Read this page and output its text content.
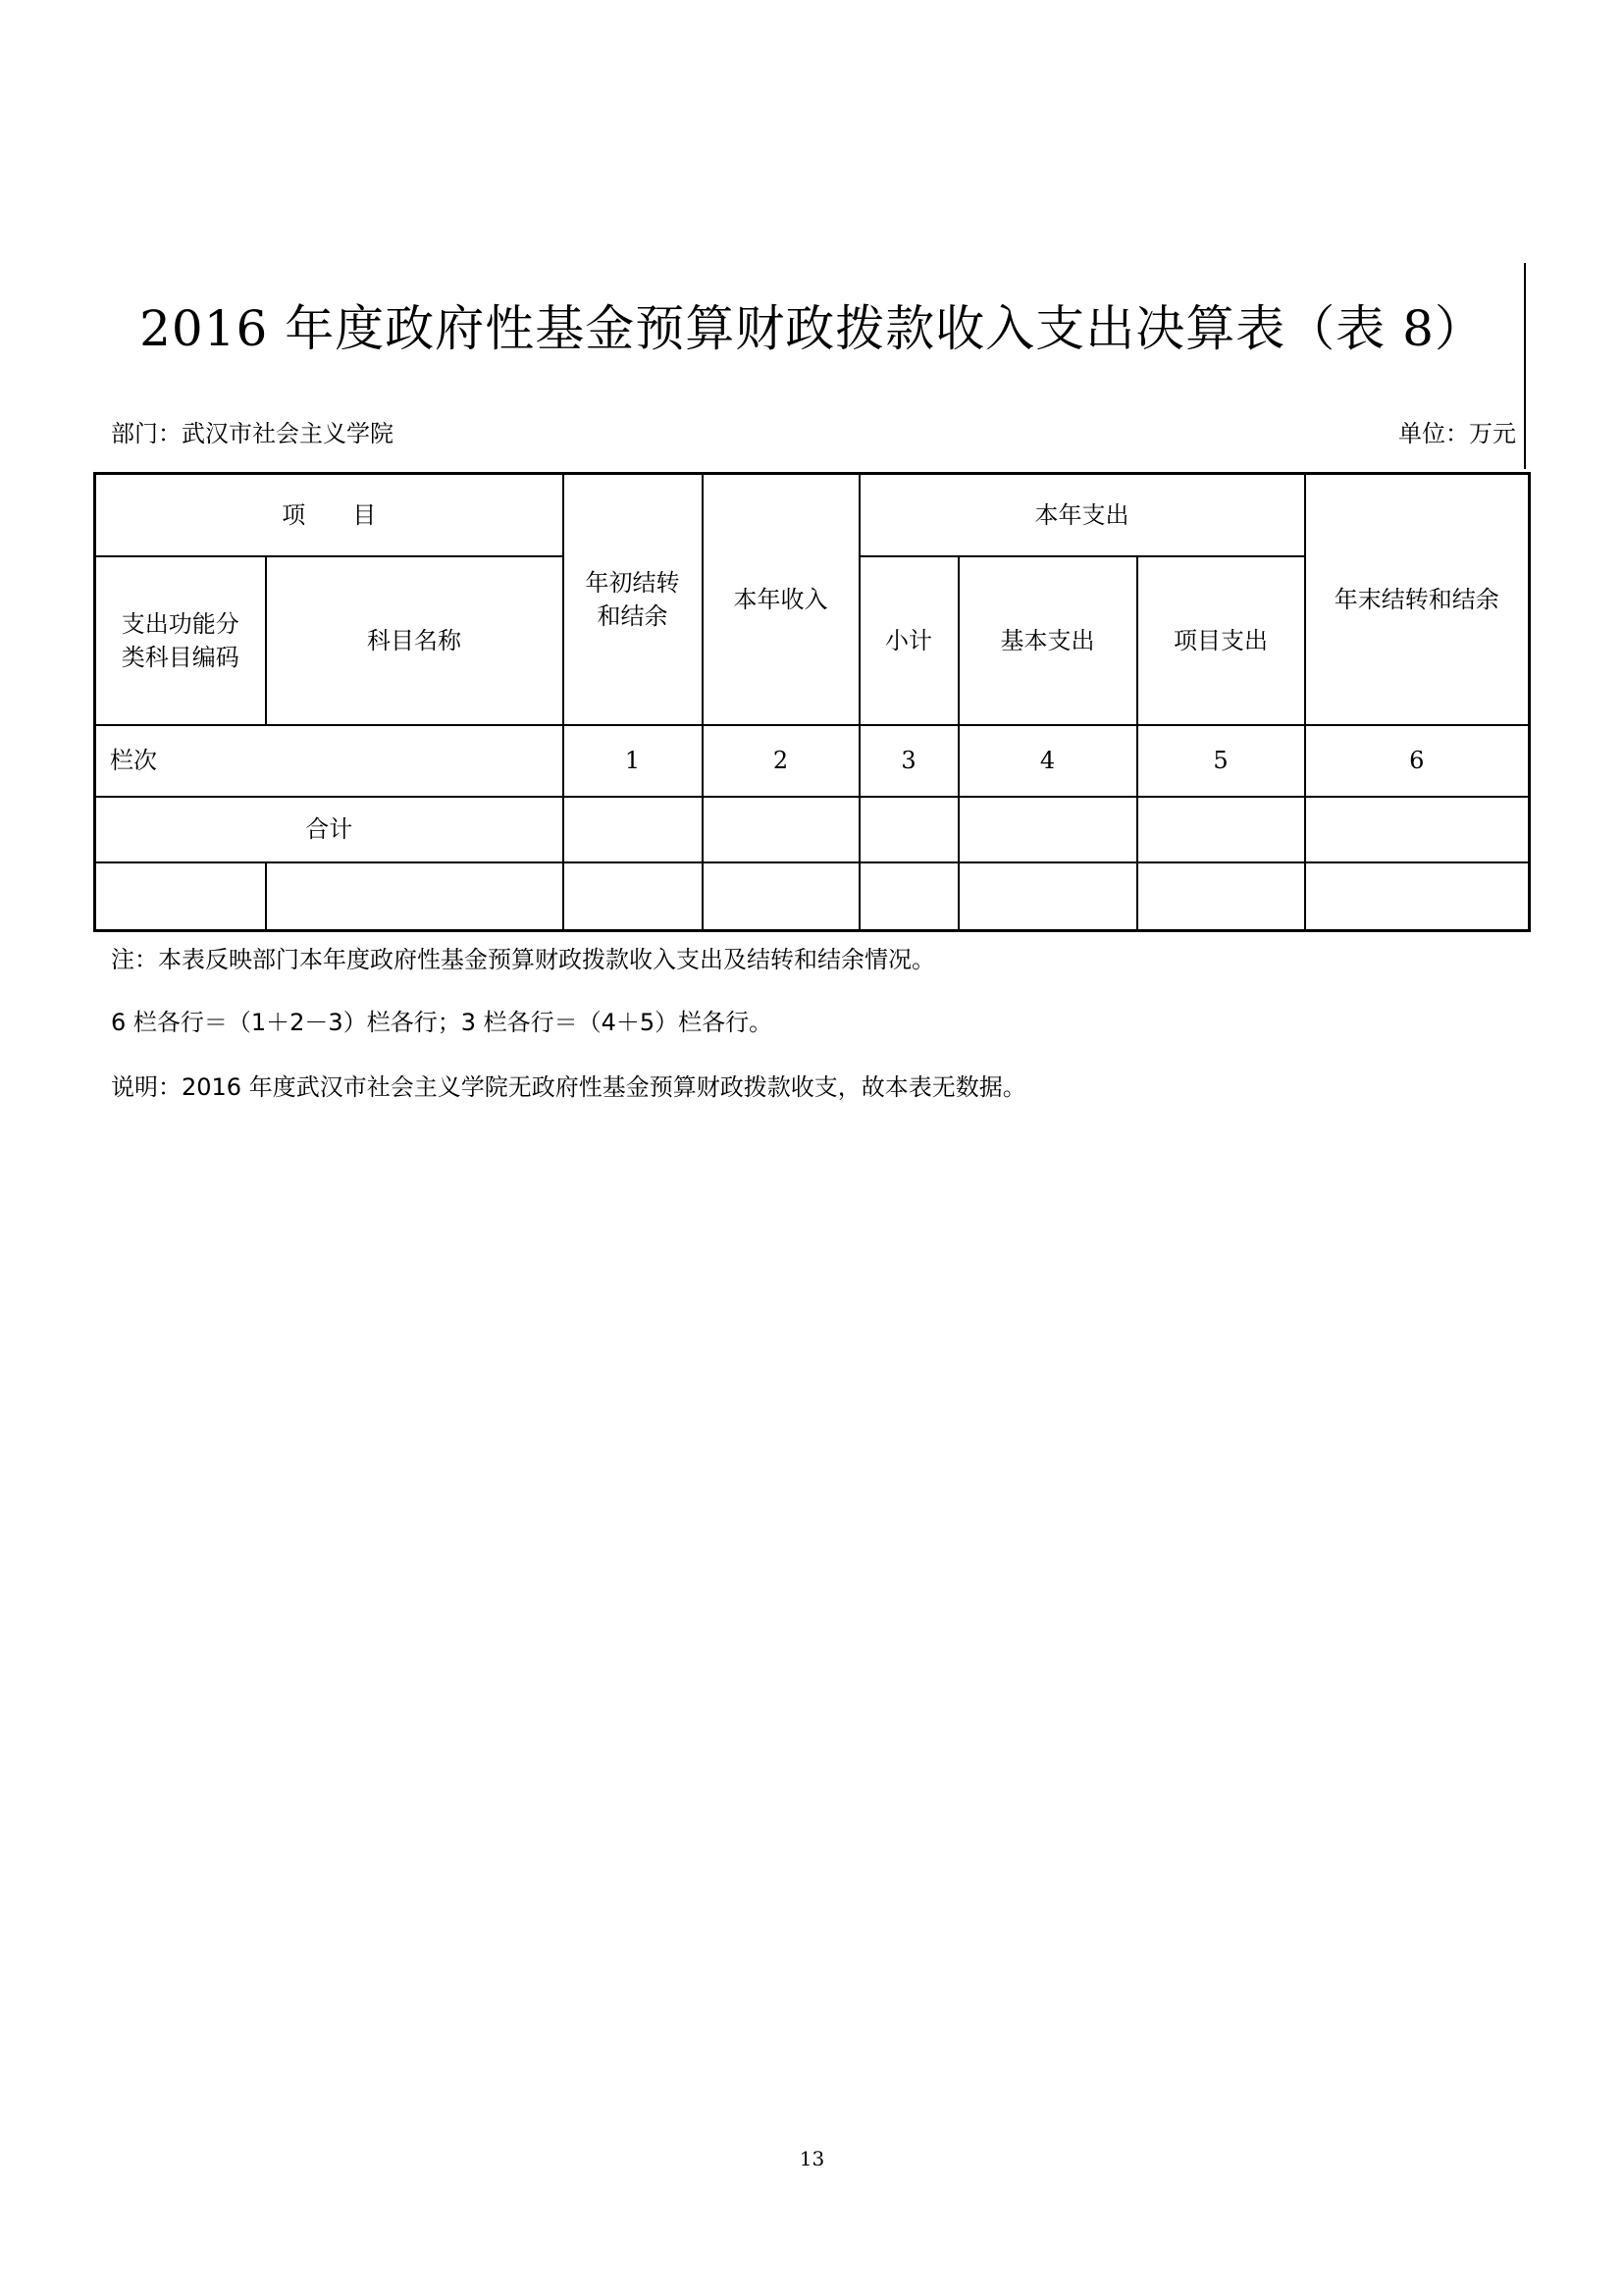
2016 年度政府性基金预算财政拨款收入支出决算表（表 8）
部门：武汉市社会主义学院	单位：万元
项　　目		年初结转和结余	本年收入	本年支出			年末结转和结余

支出功能分类科目编码	科目名称			小计	基本支出	项目支出	
栏次		1	2	3	4	5	6
合计							

注：本表反映部门本年度政府性基金预算财政拨款收入支出及结转和结余情况。
6 栏各行＝（1＋2－3）栏各行；3 栏各行＝（4＋5）栏各行。
说明：2016 年度武汉市社会主义学院无政府性基金预算财政拨款收支，故本表无数据。
13
